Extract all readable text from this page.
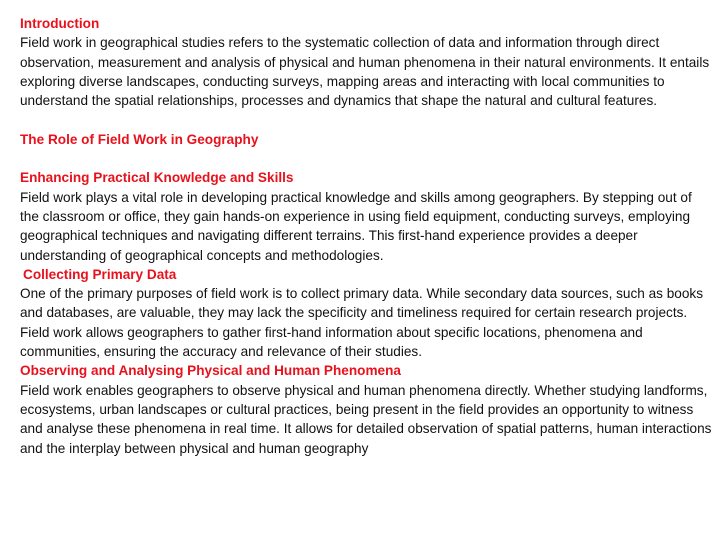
Introduction

Field work in geographical studies refers to the systematic collection of data and information through direct observation, measurement and analysis of physical and human phenomena in their natural environments. It entails exploring diverse landscapes, conducting surveys, mapping areas and interacting with local communities to understand the spatial relationships, processes and dynamics that shape the natural and cultural features.

The Role of Field Work in Geography
Enhancing Practical Knowledge and Skills

Field work plays a vital role in developing practical knowledge and skills among geographers. By stepping out of the classroom or office, they gain hands-on experience in using field equipment, conducting surveys, employing geographical techniques and navigating different terrains. This first-hand experience provides a deeper understanding of geographical concepts and methodologies.

Collecting Primary Data

One of the primary purposes of field work is to collect primary data. While secondary data sources, such as books and databases, are valuable, they may lack the specificity and timeliness required for certain research projects. Field work allows geographers to gather first-hand information about specific locations, phenomena and communities, ensuring the accuracy and relevance of their studies.

Observing and Analysing Physical and Human Phenomena

Field work enables geographers to observe physical and human phenomena directly. Whether studying landforms, ecosystems, urban landscapes or cultural practices, being present in the field provides an opportunity to witness and analyse these phenomena in real time. It allows for detailed observation of spatial patterns, human interactions and the interplay between physical and human geography
